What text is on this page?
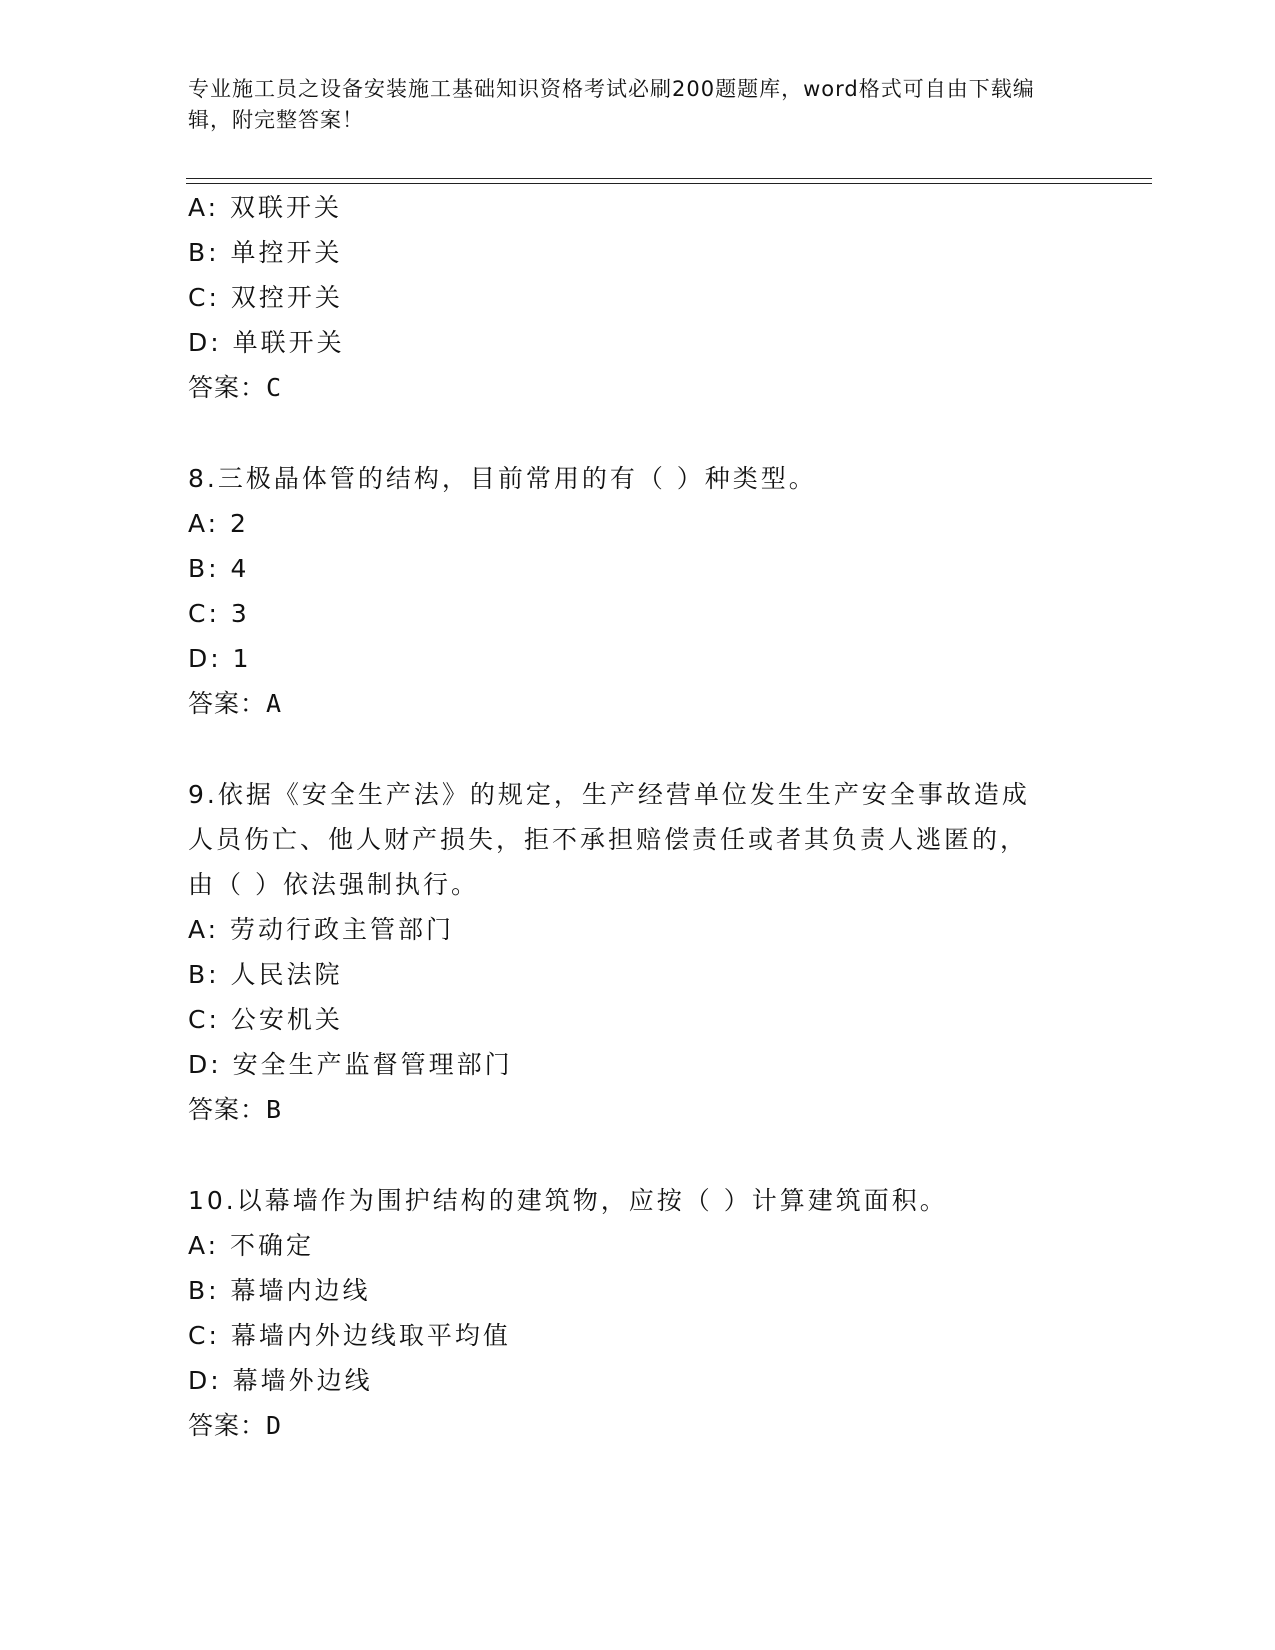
专业施工员之设备安装施工基础知识资格考试必刷200题题库，word格式可自由下载编辑，附完整答案！
A: 双联开关
B: 单控开关
C: 双控开关
D: 单联开关
答案：C
8.三极晶体管的结构，目前常用的有（ ）种类型。
A: 2
B: 4
C: 3
D: 1
答案：A
9.依据《安全生产法》的规定，生产经营单位发生生产安全事故造成
人员伤亡、他人财产损失，拒不承担赔偿责任或者其负责人逃匿的，
由（ ）依法强制执行。
A: 劳动行政主管部门
B: 人民法院
C: 公安机关
D: 安全生产监督管理部门
答案：B
10.以幕墙作为围护结构的建筑物，应按（ ）计算建筑面积。
A: 不确定
B: 幕墙内边线
C: 幕墙内外边线取平均值
D: 幕墙外边线
答案：D
